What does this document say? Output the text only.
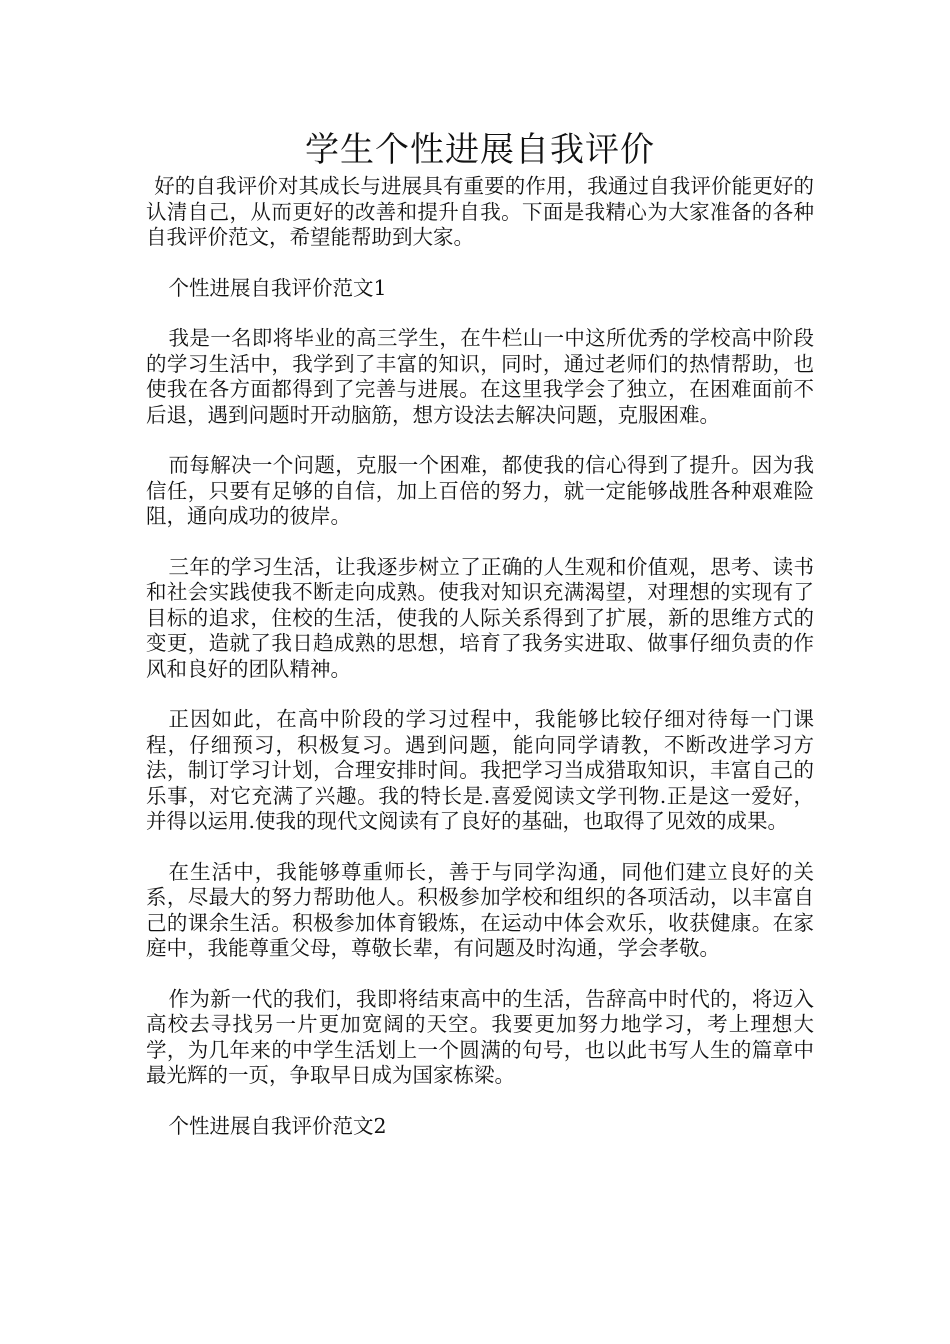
学生个性进展自我评价

好的自我评价对其成长与进展具有重要的作用，我通过自我评价能更好的认清自己，从而更好的改善和提升自我。下面是我精心为大家准备的各种自我评价范文，希望能帮助到大家。

个性进展自我评价范文1

我是一名即将毕业的高三学生，在牛栏山一中这所优秀的学校高中阶段的学习生活中，我学到了丰富的知识，同时，通过老师们的热情帮助，也使我在各方面都得到了完善与进展。在这里我学会了独立，在困难面前不后退，遇到问题时开动脑筋，想方设法去解决问题，克服困难。

而每解决一个问题，克服一个困难，都使我的信心得到了提升。因为我信任，只要有足够的自信，加上百倍的努力，就一定能够战胜各种艰难险阻，通向成功的彼岸。

三年的学习生活，让我逐步树立了正确的人生观和价值观，思考、读书和社会实践使我不断走向成熟。使我对知识充满渴望，对理想的实现有了目标的追求，住校的生活，使我的人际关系得到了扩展，新的思维方式的变更，造就了我日趋成熟的思想，培育了我务实进取、做事仔细负责的作风和良好的团队精神。

正因如此，在高中阶段的学习过程中，我能够比较仔细对待每一门课程，仔细预习，积极复习。遇到问题，能向同学请教，不断改进学习方法，制订学习计划，合理安排时间。我把学习当成猎取知识，丰富自己的乐事，对它充满了兴趣。我的特长是.喜爱阅读文学刊物.正是这一爱好，并得以运用.使我的现代文阅读有了良好的基础，也取得了见效的成果。

在生活中，我能够尊重师长，善于与同学沟通，同他们建立良好的关系，尽最大的努力帮助他人。积极参加学校和组织的各项活动，以丰富自己的课余生活。积极参加体育锻炼，在运动中体会欢乐，收获健康。在家庭中，我能尊重父母，尊敬长辈，有问题及时沟通，学会孝敬。

作为新一代的我们，我即将结束高中的生活，告辞高中时代的，将迈入高校去寻找另一片更加宽阔的天空。我要更加努力地学习，考上理想大学，为几年来的中学生活划上一个圆满的句号，也以此书写人生的篇章中最光辉的一页，争取早日成为国家栋梁。

个性进展自我评价范文2
